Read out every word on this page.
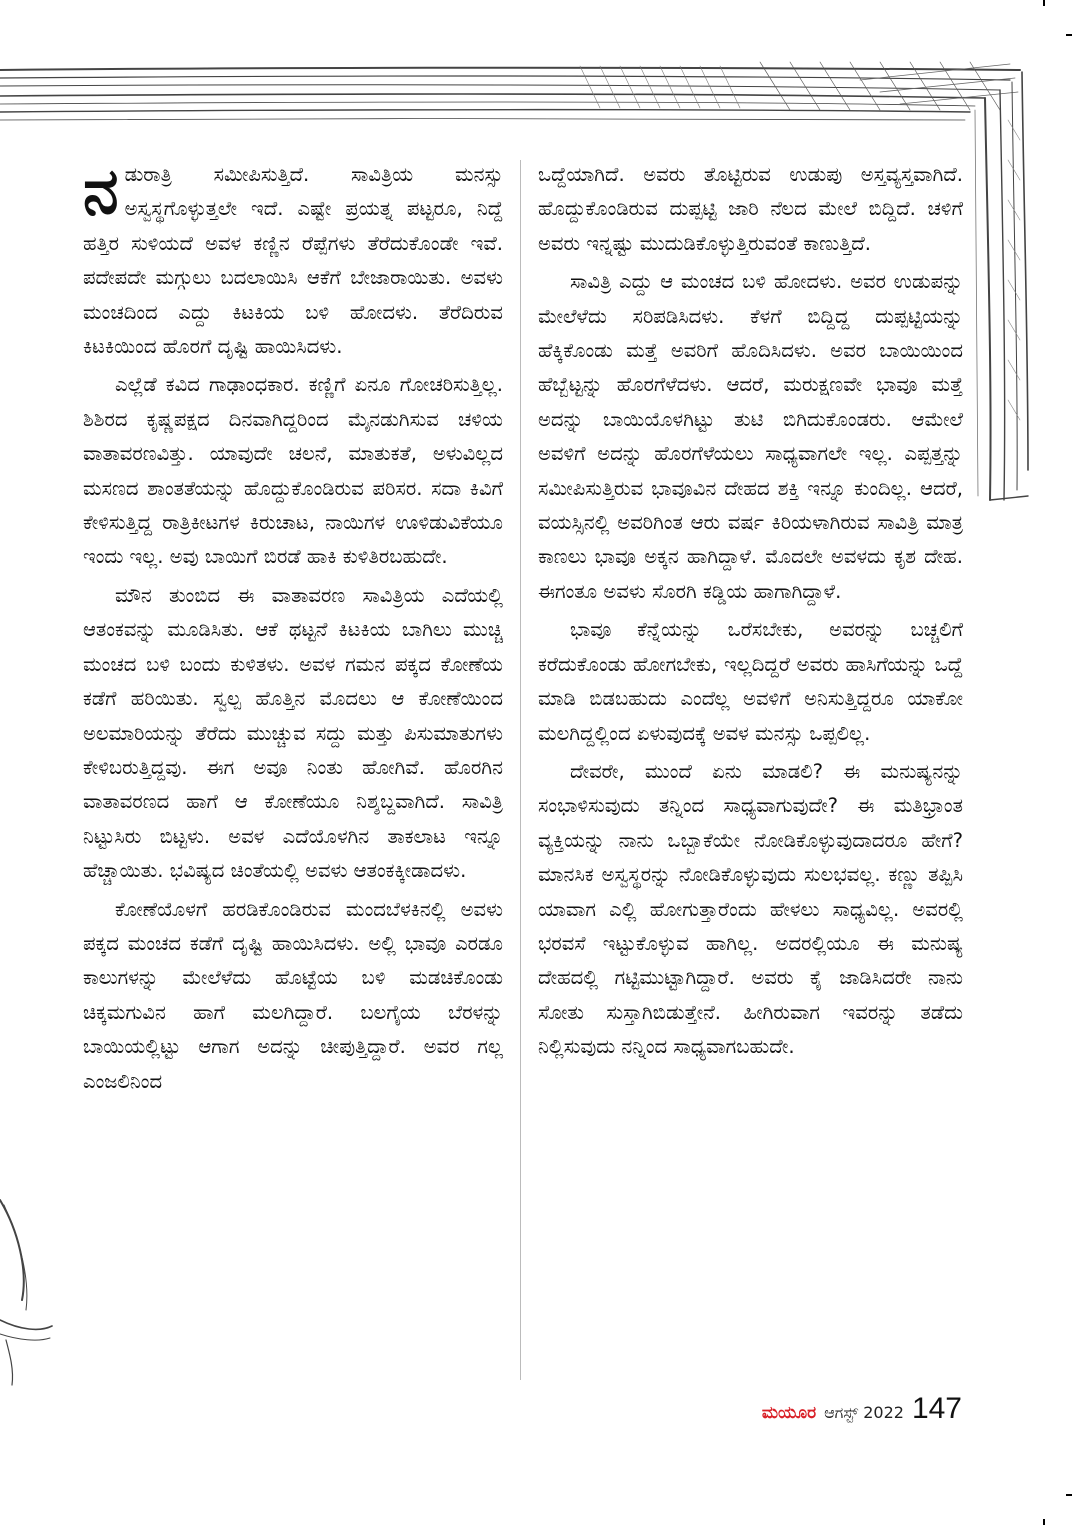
ನಡುರಾತ್ರಿ ಸಮೀಪಿಸುತ್ತಿದೆ. ಸಾವಿತ್ರಿಯ ಮನಸ್ಸು ಅಸ್ವಸ್ಥಗೊಳ್ಳುತ್ತಲೇ ಇದೆ. ಎಷ್ಟೇ ಪ್ರಯತ್ನ ಪಟ್ಟರೂ, ನಿದ್ದೆ ಹತ್ತಿರ ಸುಳಿಯದೆ ಅವಳ ಕಣ್ಣಿನ ರೆಪ್ಪೆಗಳು ತೆರೆದುಕೊಂಡೇ ಇವೆ. ಪದೇಪದೇ ಮಗ್ಗುಲು ಬದಲಾಯಿಸಿ ಆಕೆಗೆ ಬೇಜಾರಾಯಿತು. ಅವಳು ಮಂಚದಿಂದ ಎದ್ದು ಕಿಟಕಿಯ ಬಳಿ ಹೋದಳು. ತೆರೆದಿರುವ ಕಿಟಕಿಯಿಂದ ಹೊರಗೆ ದೃಷ್ಟಿ ಹಾಯಿಸಿದಳು.

ಎಲ್ಲೆಡೆ ಕವಿದ ಗಾಢಾಂಧಕಾರ. ಕಣ್ಣಿಗೆ ಏನೂ ಗೋಚರಿಸುತ್ತಿಲ್ಲ. ಶಿಶಿರದ ಕೃಷ್ಣಪಕ್ಷದ ದಿನವಾಗಿದ್ದರಿಂದ ಮೈನಡುಗಿಸುವ ಚಳಿಯ ವಾತಾವರಣವಿತ್ತು. ಯಾವುದೇ ಚಲನೆ, ಮಾತುಕತೆ, ಅಳುವಿಲ್ಲದ ಮಸಣದ ಶಾಂತತೆಯನ್ನು ಹೊದ್ದುಕೊಂಡಿರುವ ಪರಿಸರ. ಸದಾ ಕಿವಿಗೆ ಕೇಳಿಸುತ್ತಿದ್ದ ರಾತ್ರಿಕೀಟಗಳ ಕಿರುಚಾಟ, ನಾಯಿಗಳ ಊಳಿಡುವಿಕೆಯೂ ಇಂದು ಇಲ್ಲ. ಅವು ಬಾಯಿಗೆ ಬಿರಡೆ ಹಾಕಿ ಕುಳಿತಿರಬಹುದೇ.

ಮೌನ ತುಂಬಿದ ಈ ವಾತಾವರಣ ಸಾವಿತ್ರಿಯ ಎದೆಯಲ್ಲಿ ಆತಂಕವನ್ನು ಮೂಡಿಸಿತು. ಆಕೆ ಥಟ್ಟನೆ ಕಿಟಕಿಯ ಬಾಗಿಲು ಮುಚ್ಚಿ ಮಂಚದ ಬಳಿ ಬಂದು ಕುಳಿತಳು. ಅವಳ ಗಮನ ಪಕ್ಕದ ಕೋಣೆಯ ಕಡೆಗೆ ಹರಿಯಿತು. ಸ್ವಲ್ಪ ಹೊತ್ತಿನ ಮೊದಲು ಆ ಕೋಣೆಯಿಂದ ಅಲಮಾರಿಯನ್ನು ತೆರೆದು ಮುಚ್ಚುವ ಸದ್ದು ಮತ್ತು ಪಿಸುಮಾತುಗಳು ಕೇಳಿಬರುತ್ತಿದ್ದವು. ಈಗ ಅವೂ ನಿಂತು ಹೋಗಿವೆ. ಹೊರಗಿನ ವಾತಾವರಣದ ಹಾಗೆ ಆ ಕೋಣೆಯೂ ನಿಶ್ಶಬ್ದವಾಗಿದೆ. ಸಾವಿತ್ರಿ ನಿಟ್ಟುಸಿರು ಬಿಟ್ಟಳು. ಅವಳ ಎದೆಯೊಳಗಿನ ತಾಕಲಾಟ ಇನ್ನೂ ಹೆಚ್ಚಾಯಿತು. ಭವಿಷ್ಯದ ಚಿಂತೆಯಲ್ಲಿ ಅವಳು ಆತಂಕಕ್ಕೀಡಾದಳು.

ಕೋಣೆಯೊಳಗೆ ಹರಡಿಕೊಂಡಿರುವ ಮಂದಬೆಳಕಿನಲ್ಲಿ ಅವಳು ಪಕ್ಕದ ಮಂಚದ ಕಡೆಗೆ ದೃಷ್ಟಿ ಹಾಯಿಸಿದಳು. ಅಲ್ಲಿ ಭಾವೂ ಎರಡೂ ಕಾಲುಗಳನ್ನು ಮೇಲೆಳೆದು ಹೊಟ್ಟೆಯ ಬಳಿ ಮಡಚಿಕೊಂಡು ಚಿಕ್ಕಮಗುವಿನ ಹಾಗೆ ಮಲಗಿದ್ದಾರೆ. ಬಲಗೈಯ ಬೆರಳನ್ನು ಬಾಯಿಯಲ್ಲಿಟ್ಟು ಆಗಾಗ ಅದನ್ನು ಚೀಪುತ್ತಿದ್ದಾರೆ. ಅವರ ಗಲ್ಲ ಎಂಜಲಿನಿಂದ

ಒದ್ದೆಯಾಗಿದೆ. ಅವರು ತೊಟ್ಟಿರುವ ಉಡುಪು ಅಸ್ತವ್ಯಸ್ತವಾಗಿದೆ. ಹೊದ್ದುಕೊಂಡಿರುವ ದುಪ್ಪಟ್ಟಿ ಜಾರಿ ನೆಲದ ಮೇಲೆ ಬಿದ್ದಿದೆ. ಚಳಿಗೆ ಅವರು ಇನ್ನಷ್ಟು ಮುದುಡಿಕೊಳ್ಳುತ್ತಿರುವಂತೆ ಕಾಣುತ್ತಿದೆ.

ಸಾವಿತ್ರಿ ಎದ್ದು ಆ ಮಂಚದ ಬಳಿ ಹೋದಳು. ಅವರ ಉಡುಪನ್ನು ಮೇಲೆಳೆದು ಸರಿಪಡಿಸಿದಳು. ಕೆಳಗೆ ಬಿದ್ದಿದ್ದ ದುಪ್ಪಟ್ಟಿಯನ್ನು ಹೆಕ್ಕಿಕೊಂಡು ಮತ್ತೆ ಅವರಿಗೆ ಹೊದಿಸಿದಳು. ಅವರ ಬಾಯಿಯಿಂದ ಹೆಬ್ಬೆಟ್ಟನ್ನು ಹೊರಗೆಳೆದಳು. ಆದರೆ, ಮರುಕ್ಷಣವೇ ಭಾವೂ ಮತ್ತೆ ಅದನ್ನು ಬಾಯಿಯೊಳಗಿಟ್ಟು ತುಟಿ ಬಿಗಿದುಕೊಂಡರು. ಆಮೇಲೆ ಅವಳಿಗೆ ಅದನ್ನು ಹೊರಗೆಳೆಯಲು ಸಾಧ್ಯವಾಗಲೇ ಇಲ್ಲ. ಎಪ್ಪತ್ತನ್ನು ಸಮೀಪಿಸುತ್ತಿರುವ ಭಾವೂವಿನ ದೇಹದ ಶಕ್ತಿ ಇನ್ನೂ ಕುಂದಿಲ್ಲ. ಆದರೆ, ವಯಸ್ಸಿನಲ್ಲಿ ಅವರಿಗಿಂತ ಆರು ವರ್ಷ ಕಿರಿಯಳಾಗಿರುವ ಸಾವಿತ್ರಿ ಮಾತ್ರ ಕಾಣಲು ಭಾವೂ ಅಕ್ಕನ ಹಾಗಿದ್ದಾಳೆ. ಮೊದಲೇ ಅವಳದು ಕೃಶ ದೇಹ. ಈಗಂತೂ ಅವಳು ಸೊರಗಿ ಕಡ್ಡಿಯ ಹಾಗಾಗಿದ್ದಾಳೆ.

ಭಾವೂ ಕೆನ್ನೆಯನ್ನು ಒರೆಸಬೇಕು, ಅವರನ್ನು ಬಚ್ಚಲಿಗೆ ಕರೆದುಕೊಂಡು ಹೋಗಬೇಕು, ಇಲ್ಲದಿದ್ದರೆ ಅವರು ಹಾಸಿಗೆಯನ್ನು ಒದ್ದೆ ಮಾಡಿ ಬಿಡಬಹುದು ಎಂದೆಲ್ಲ ಅವಳಿಗೆ ಅನಿಸುತ್ತಿದ್ದರೂ ಯಾಕೋ ಮಲಗಿದ್ದಲ್ಲಿಂದ ಏಳುವುದಕ್ಕೆ ಅವಳ ಮನಸ್ಸು ಒಪ್ಪಲಿಲ್ಲ.

ದೇವರೇ, ಮುಂದೆ ಏನು ಮಾಡಲಿ? ಈ ಮನುಷ್ಯನನ್ನು ಸಂಭಾಳಿಸುವುದು ತನ್ನಿಂದ ಸಾಧ್ಯವಾಗುವುದೇ? ಈ ಮತಿಭ್ರಾಂತ ವ್ಯಕ್ತಿಯನ್ನು ನಾನು ಒಬ್ಬಾಕೆಯೇ ನೋಡಿಕೊಳ್ಳುವುದಾದರೂ ಹೇಗೆ? ಮಾನಸಿಕ ಅಸ್ವಸ್ಥರನ್ನು ನೋಡಿಕೊಳ್ಳುವುದು ಸುಲಭವಲ್ಲ. ಕಣ್ಣು ತಪ್ಪಿಸಿ ಯಾವಾಗ ಎಲ್ಲಿ ಹೋಗುತ್ತಾರೆಂದು ಹೇಳಲು ಸಾಧ್ಯವಿಲ್ಲ. ಅವರಲ್ಲಿ ಭರವಸೆ ಇಟ್ಟುಕೊಳ್ಳುವ ಹಾಗಿಲ್ಲ. ಅದರಲ್ಲಿಯೂ ಈ ಮನುಷ್ಯ ದೇಹದಲ್ಲಿ ಗಟ್ಟಿಮುಟ್ಟಾಗಿದ್ದಾರೆ. ಅವರು ಕೈ ಜಾಡಿಸಿದರೇ ನಾನು ಸೋತು ಸುಸ್ತಾಗಿಬಿಡುತ್ತೇನೆ. ಹೀಗಿರುವಾಗ ಇವರನ್ನು ತಡೆದು ನಿಲ್ಲಿಸುವುದು ನನ್ನಿಂದ ಸಾಧ್ಯವಾಗಬಹುದೇ.

ಮಯೂರ ಆಗಸ್ಟ್ 2022 147
